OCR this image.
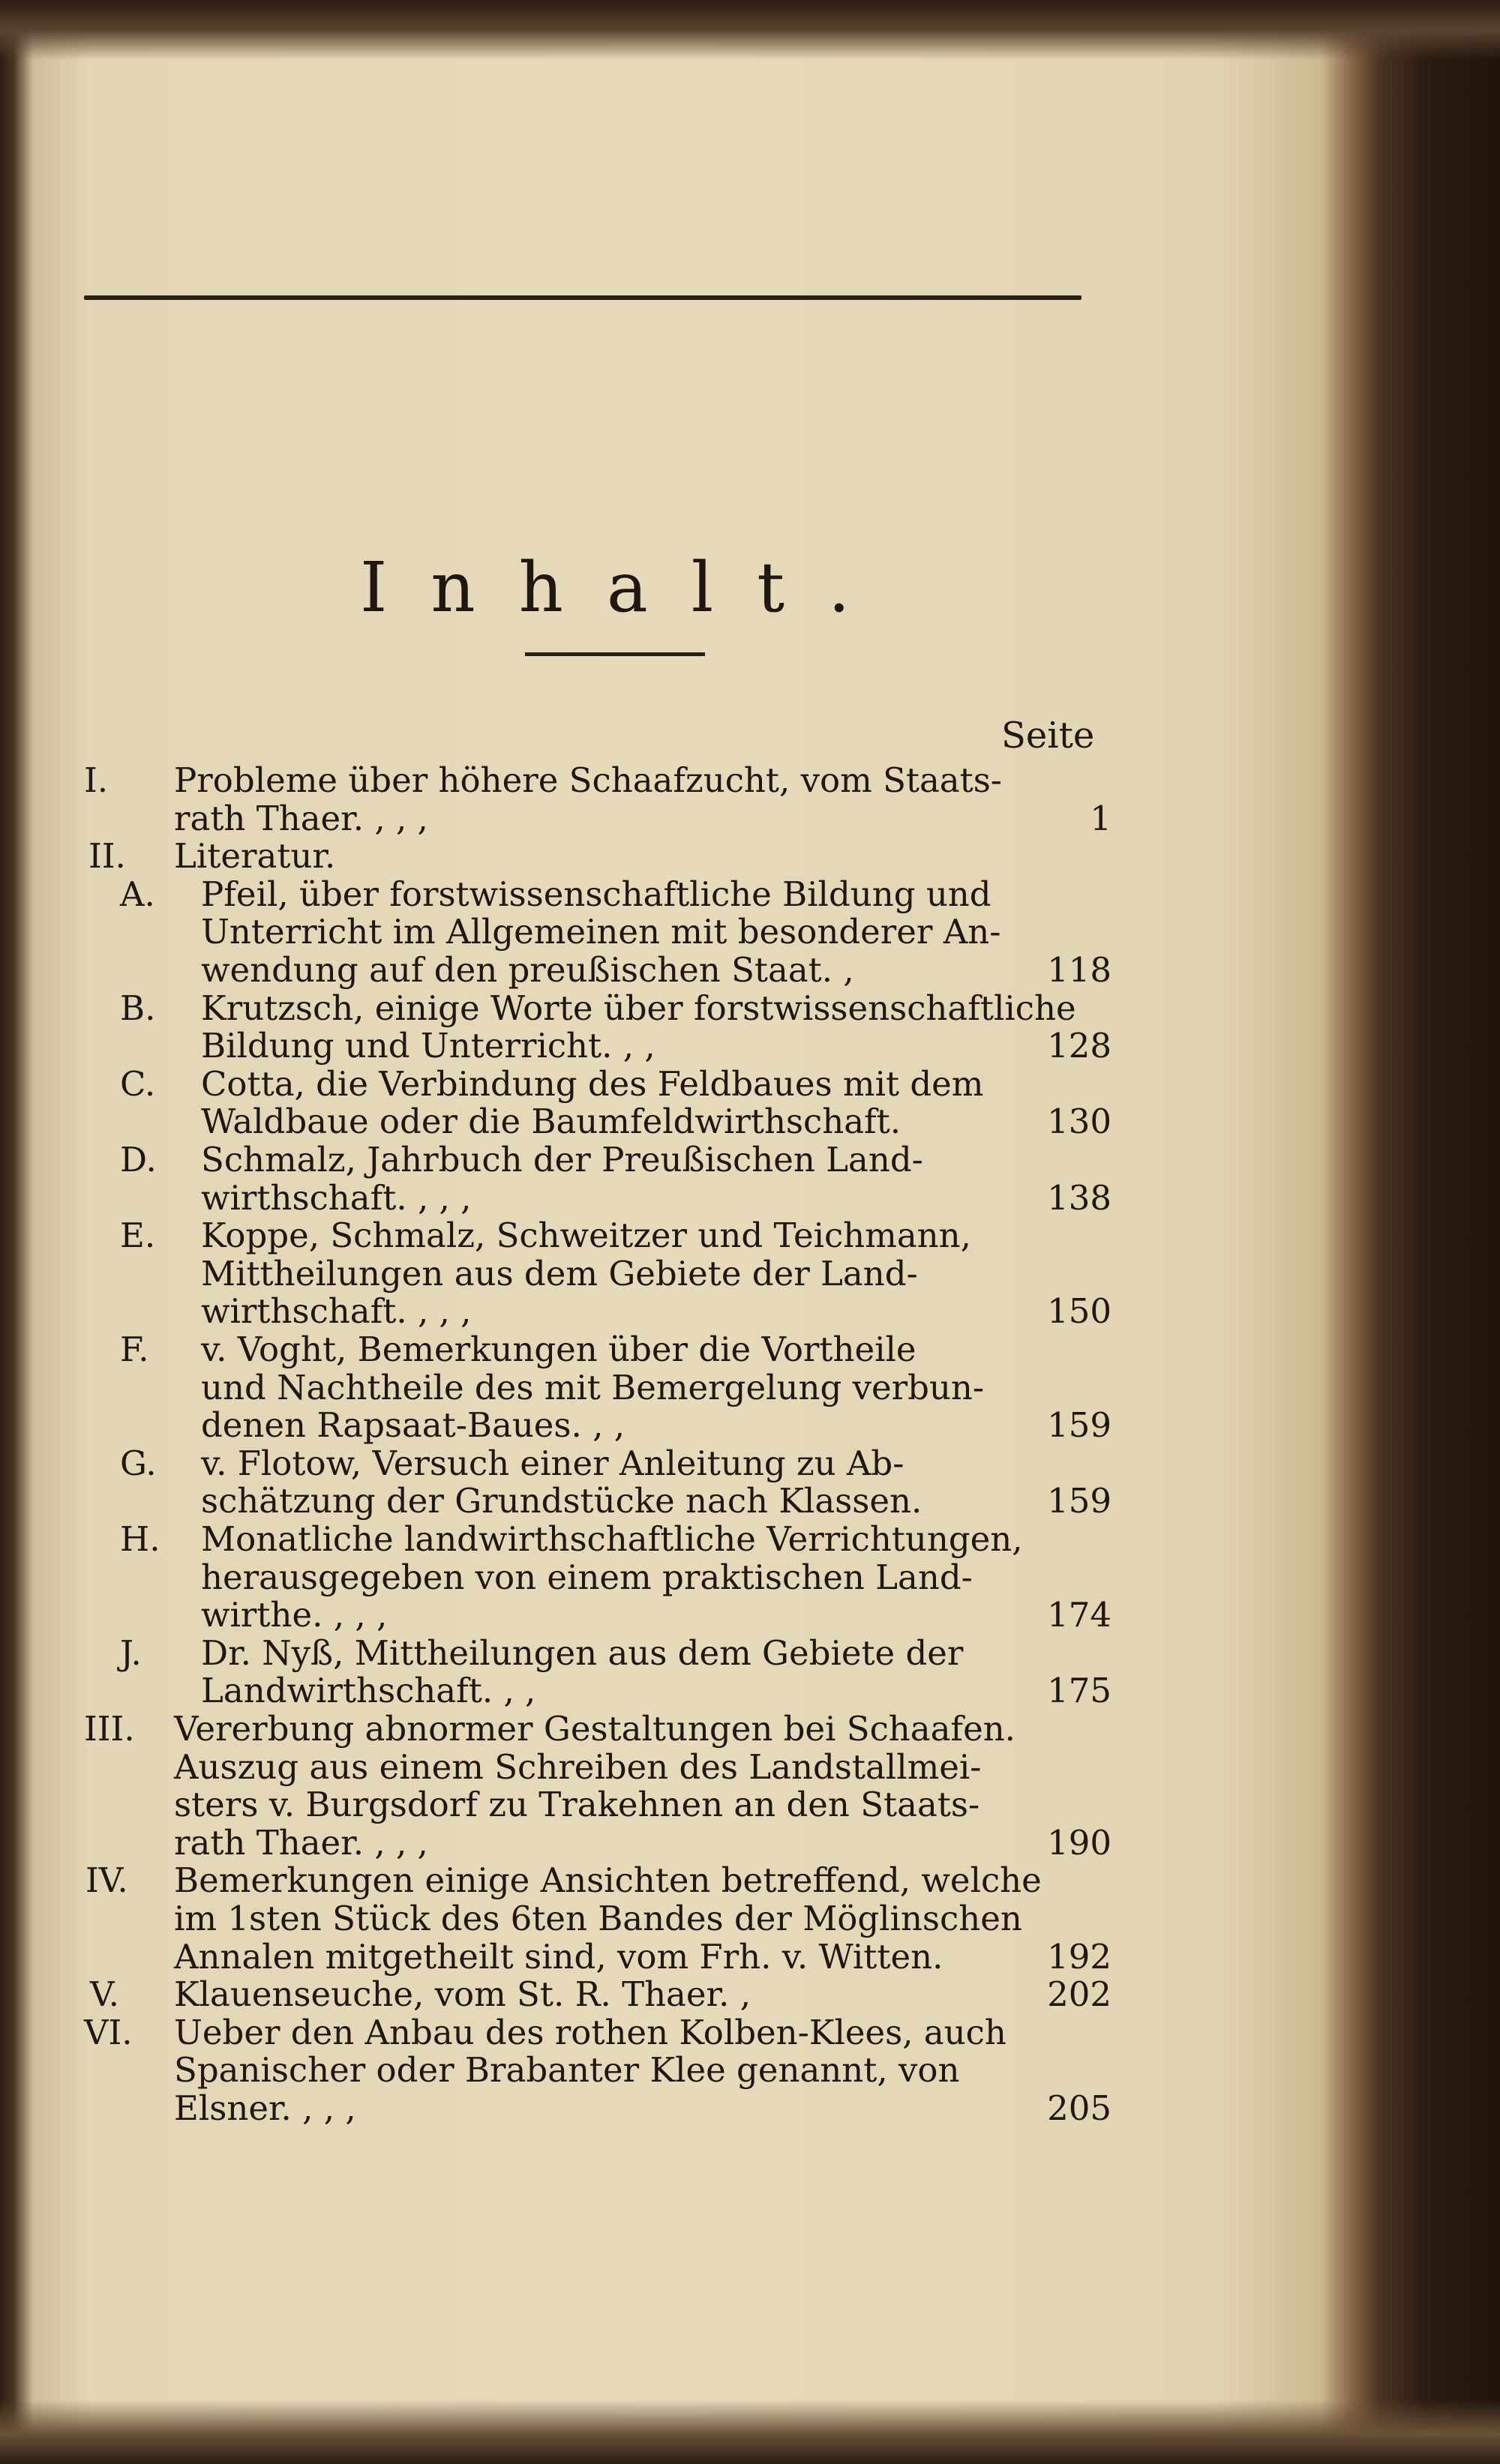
Inhalt.
Seite
I. Probleme über höhere Schaafzucht, vom Staats-
rath Thaer. , , ,	1
II. Literatur.
A. Pfeil, über forstwissenschaftliche Bildung und
Unterricht im Allgemeinen mit besonderer An-
wendung auf den preußischen Staat. ,	118
B. Krutzsch, einige Worte über forstwissenschaftliche
Bildung und Unterricht. , ,	128
C. Cotta, die Verbindung des Feldbaues mit dem
Waldbaue oder die Baumfeldwirthschaft.	130
D. Schmalz, Jahrbuch der Preußischen Land-
wirthschaft. , , ,	138
E. Koppe, Schmalz, Schweitzer und Teichmann,
Mittheilungen aus dem Gebiete der Land-
wirthschaft. , , ,	150
F. v. Voght, Bemerkungen über die Vortheile
und Nachtheile des mit Bemergelung verbun-
denen Rapsaat-Baues. , ,	159
G. v. Flotow, Versuch einer Anleitung zu Ab-
schätzung der Grundstücke nach Klassen.	159
H. Monatliche landwirthschaftliche Verrichtungen,
herausgegeben von einem praktischen Land-
wirthe. , , ,	174
J. Dr. Nyß, Mittheilungen aus dem Gebiete der
Landwirthschaft. , ,	175
III. Vererbung abnormer Gestaltungen bei Schaafen.
Auszug aus einem Schreiben des Landstallmei-
sters v. Burgsdorf zu Trakehnen an den Staats-
rath Thaer. , , ,	190
IV. Bemerkungen einige Ansichten betreffend, welche
im 1sten Stück des 6ten Bandes der Möglinschen
Annalen mitgetheilt sind, vom Frh. v. Witten.	192
V. Klauenseuche, vom St. R. Thaer. ,	202
VI. Ueber den Anbau des rothen Kolben-Klees, auch
Spanischer oder Brabanter Klee genannt, von
Elsner. , , ,	205
